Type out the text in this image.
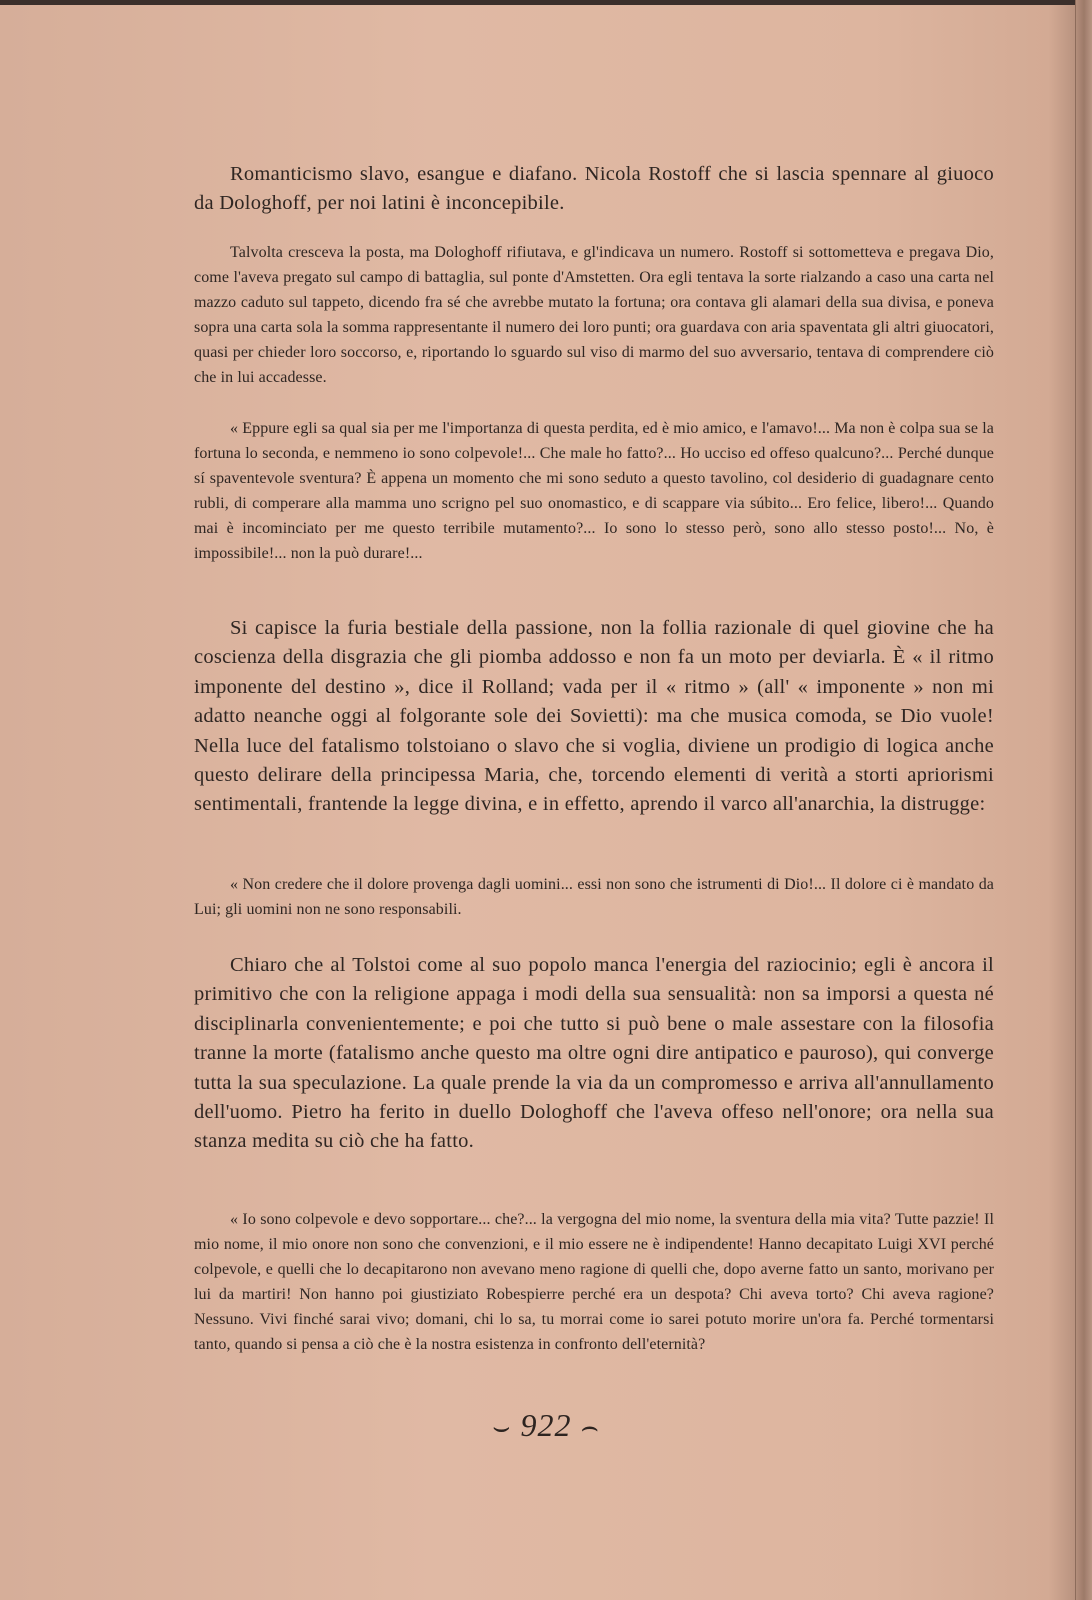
Romanticismo slavo, esangue e diafano. Nicola Rostoff che si lascia spennare al giuoco da Dologhoff, per noi latini è inconcepibile.

Talvolta cresceva la posta, ma Dologhoff rifiutava, e gl'indicava un numero. Rostoff si sottometteva e pregava Dio, come l'aveva pregato sul campo di battaglia, sul ponte d'Amstetten. Ora egli tentava la sorte rialzando a caso una carta nel mazzo caduto sul tappeto, dicendo fra sé che avrebbe mutato la fortuna; ora contava gli alamari della sua divisa, e poneva sopra una carta sola la somma rappresentante il numero dei loro punti; ora guardava con aria spaventata gli altri giuocatori, quasi per chieder loro soccorso, e, riportando lo sguardo sul viso di marmo del suo avversario, tentava di comprendere ciò che in lui accadesse.

« Eppure egli sa qual sia per me l'importanza di questa perdita, ed è mio amico, e l'amavo!... Ma non è colpa sua se la fortuna lo seconda, e nemmeno io sono colpevole!... Che male ho fatto?... Ho ucciso ed offeso qualcuno?... Perché dunque sí spaventevole sventura? È appena un momento che mi sono seduto a questo tavolino, col desiderio di guadagnare cento rubli, di comperare alla mamma uno scrigno pel suo onomastico, e di scappare via súbito... Ero felice, libero!... Quando mai è incominciato per me questo terribile mutamento?... Io sono lo stesso però, sono allo stesso posto!... No, è impossibile!... non la può durare!...

Si capisce la furia bestiale della passione, non la follia razionale di quel giovine che ha coscienza della disgrazia che gli piomba addosso e non fa un moto per deviarla. È « il ritmo imponente del destino », dice il Rolland; vada per il « ritmo » (all' « imponente » non mi adatto neanche oggi al folgorante sole dei Sovietti): ma che musica comoda, se Dio vuole! Nella luce del fatalismo tolstoiano o slavo che si voglia, diviene un prodigio di logica anche questo delirare della principessa Maria, che, torcendo elementi di verità a storti apriorismi sentimentali, frantende la legge divina, e in effetto, aprendo il varco all'anarchia, la distrugge:

« Non credere che il dolore provenga dagli uomini... essi non sono che istrumenti di Dio!... Il dolore ci è mandato da Lui; gli uomini non ne sono responsabili.

Chiaro che al Tolstoi come al suo popolo manca l'energia del raziocinio; egli è ancora il primitivo che con la religione appaga i modi della sua sensualità: non sa imporsi a questa né disciplinarla convenientemente; e poi che tutto si può bene o male assestare con la filosofia tranne la morte (fatalismo anche questo ma oltre ogni dire antipatico e pauroso), qui converge tutta la sua speculazione. La quale prende la via da un compromesso e arriva all'annullamento dell'uomo. Pietro ha ferito in duello Dologhoff che l'aveva offeso nell'onore; ora nella sua stanza medita su ciò che ha fatto.

« Io sono colpevole e devo sopportare... che?... la vergogna del mio nome, la sventura della mia vita? Tutte pazzie! Il mio nome, il mio onore non sono che convenzioni, e il mio essere ne è indipendente! Hanno decapitato Luigi XVI perché colpevole, e quelli che lo decapitarono non avevano meno ragione di quelli che, dopo averne fatto un santo, morivano per lui da martiri! Non hanno poi giustiziato Robespierre perché era un despota? Chi aveva torto? Chi aveva ragione? Nessuno. Vivi finché sarai vivo; domani, chi lo sa, tu morrai come io sarei potuto morire un'ora fa. Perché tormentarsi tanto, quando si pensa a ciò che è la nostra esistenza in confronto dell'eternità?

⌣ 922 ⌢
